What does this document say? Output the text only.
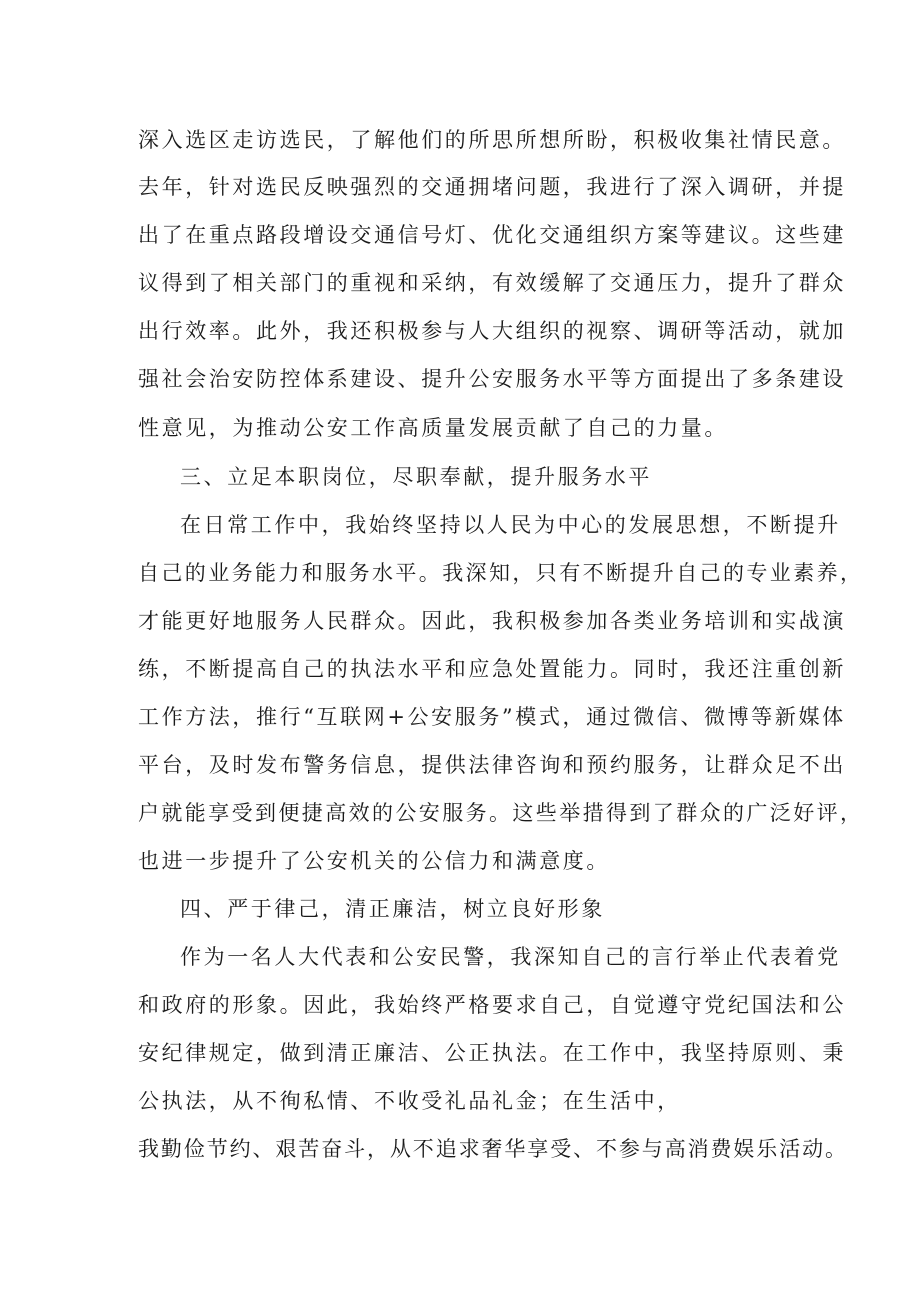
深入选区走访选民，了解他们的所思所想所盼，积极收集社情民意。
去年，针对选民反映强烈的交通拥堵问题，我进行了深入调研，并提
出了在重点路段增设交通信号灯、优化交通组织方案等建议。这些建
议得到了相关部门的重视和采纳，有效缓解了交通压力，提升了群众
出行效率。此外，我还积极参与人大组织的视察、调研等活动，就加
强社会治安防控体系建设、提升公安服务水平等方面提出了多条建设
性意见，为推动公安工作高质量发展贡献了自己的力量。
三、立足本职岗位，尽职奉献，提升服务水平
在日常工作中，我始终坚持以人民为中心的发展思想，不断提升
自己的业务能力和服务水平。我深知，只有不断提升自己的专业素养，
才能更好地服务人民群众。因此，我积极参加各类业务培训和实战演
练，不断提高自己的执法水平和应急处置能力。同时，我还注重创新
工作方法，推行“互联网+公安服务”模式，通过微信、微博等新媒体
平台，及时发布警务信息，提供法律咨询和预约服务，让群众足不出
户就能享受到便捷高效的公安服务。这些举措得到了群众的广泛好评，
也进一步提升了公安机关的公信力和满意度。
四、严于律己，清正廉洁，树立良好形象
作为一名人大代表和公安民警，我深知自己的言行举止代表着党
和政府的形象。因此，我始终严格要求自己，自觉遵守党纪国法和公
安纪律规定，做到清正廉洁、公正执法。在工作中，我坚持原则、秉
公执法，从不徇私情、不收受礼品礼金；在生活中，
我勤俭节约、艰苦奋斗，从不追求奢华享受、不参与高消费娱乐活动。
